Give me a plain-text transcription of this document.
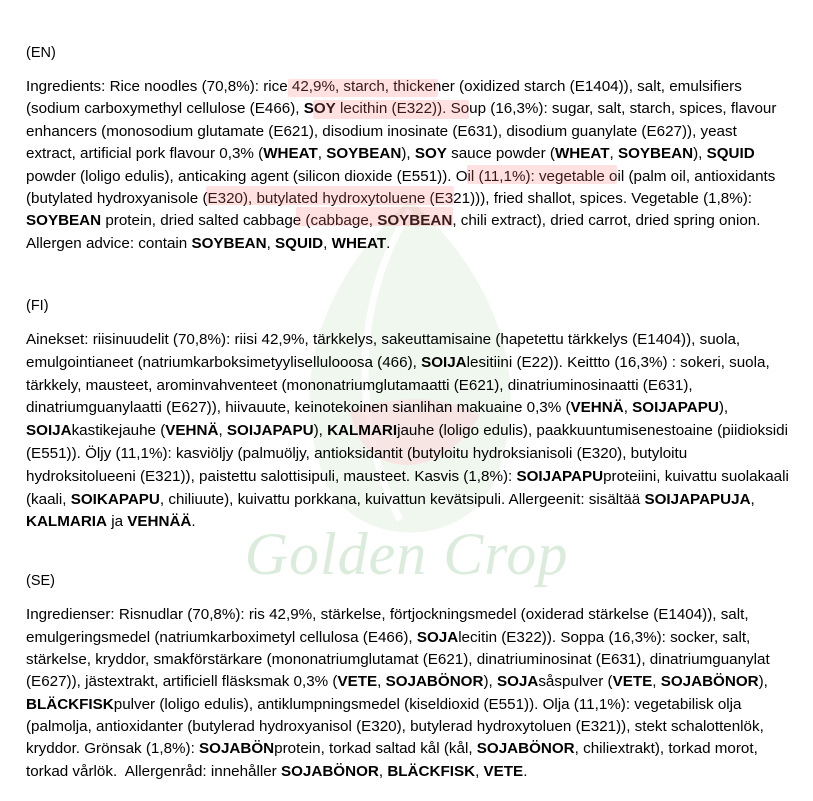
Golden Crop
(EN)

Ingredients: Rice noodles (70,8%): rice 42,9%, starch, thickener (oxidized starch (E1404)), salt, emulsifiers (sodium carboxymethyl cellulose (E466), SOY lecithin (E322)). Soup (16,3%): sugar, salt, starch, spices, flavour enhancers (monosodium glutamate (E621), disodium inosinate (E631), disodium guanylate (E627)), yeast extract, artificial pork flavour 0,3% (WHEAT, SOYBEAN), SOY sauce powder (WHEAT, SOYBEAN), SQUID powder (loligo edulis), anticaking agent (silicon dioxide (E551)). Oil (11,1%): vegetable oil (palm oil, antioxidants (butylated hydroxyanisole (E320), butylated hydroxytoluene (E321))), fried shallot, spices. Vegetable (1,8%): SOYBEAN protein, dried salted cabbage (cabbage, SOYBEAN, chili extract), dried carrot, dried spring onion. Allergen advice: contain SOYBEAN, SQUID, WHEAT.

(FI)

Ainekset: riisinuudelit (70,8%): riisi 42,9%, tärkkelys, sakeuttamisaine (hapetettu tärkkelys (E1404)), suola, emulgointianeet (natriumkarboksimetyylisellulooosa (466), SOIJAlesitiini (E22)). Keittto (16,3%) : sokeri, suola, tärkkely, mausteet, arominvahventeet (mononatriumglutamaatti (E621), dinatriuminosinaatti (E631), dinatriumguanylaatti (E627)), hiivauute, keinotekoinen sianlihan makuaine 0,3% (VEHNÄ, SOIJAPAPU), SOIJAkastikejauhe (VEHNÄ, SOIJAPAPU), KALMARIjauhe (loligo edulis), paakkuuntumisenestoaine (piidioksidi (E551)). Öljy (11,1%): kasviöljy (palmuöljy, antioksidantit (butyloitu hydroksianisoli (E320), butyloitu hydroksitolueeni (E321)), paistettu salottisipuli, mausteet. Kasvis (1,8%): SOIJAPAPUproteiini, kuivattu suolakaali (kaali, SOIKAPAPU, chiliuute), kuivattu porkkana, kuivattun kevätsipuli. Allergeenit: sisältää SOIJAPAPUJA, KALMARIA ja VEHNÄÄ.

(SE)

Ingredienser: Risnudlar (70,8%): ris 42,9%, stärkelse, förtjockningsmedel (oxiderad stärkelse (E1404)), salt, emulgeringsmedel (natriumkarboximetyl cellulosa (E466), SOJAlecitin (E322)). Soppa (16,3%): socker, salt, stärkelse, kryddor, smakförstärkare (mononatriumglutamat (E621), dinatriuminosinat (E631), dinatriumguanylat (E627)), jästextrakt, artificiell fläsksmak 0,3% (VETE, SOJABÖNOR), SOJAsåspulver (VETE, SOJABÖNOR), BLÄCKFISKpulver (loligo edulis), antiklumpningsmedel (kiseldioxid (E551)). Olja (11,1%): vegetabilisk olja (palmolja, antioxidanter (butylerad hydroxyanisol (E320), butylerad hydroxytoluen (E321)), stekt schalottenlök, kryddor. Grönsak (1,8%): SOJABÖNprotein, torkad saltad kål (kål, SOJABÖNOR, chiliextrakt), torkad morot, torkad vårlök.  Allergenråd: innehåller SOJABÖNOR, BLÄCKFISK, VETE.
